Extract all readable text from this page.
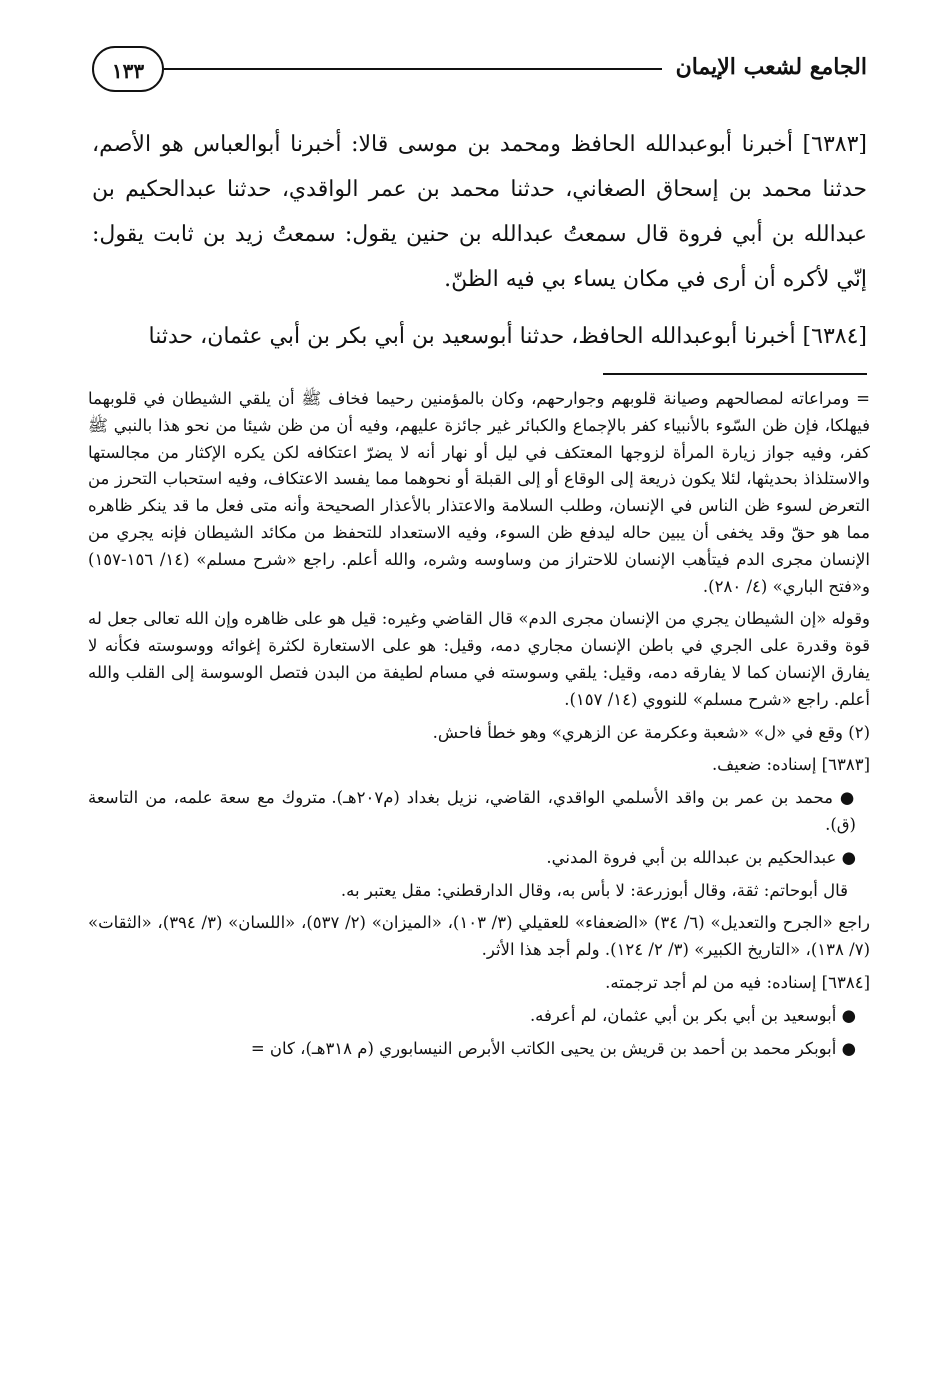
الجامع لشعب الإيمان
١٣٣

[٦٣٨٣] أخبرنا أبوعبدالله الحافظ ومحمد بن موسى قالا: أخبرنا أبوالعباس هو الأصم، حدثنا محمد بن إسحاق الصغاني، حدثنا محمد بن عمر الواقدي، حدثنا عبدالحكيم بن عبدالله بن أبي فروة قال سمعتُ عبدالله بن حنين يقول: سمعتُ زيد بن ثابت يقول: إنّي لأكره أن أرى في مكان يساء بي فيه الظنّ.

[٦٣٨٤] أخبرنا أبوعبدالله الحافظ، حدثنا أبوسعيد بن أبي بكر بن أبي عثمان، حدثنا

= ومراعاته لمصالحهم وصيانة قلوبهم وجوارحهم، وكان بالمؤمنين رحيما فخاف ﷺ أن يلقي الشيطان في قلوبهما فيهلكا، فإن ظن السّوء بالأنبياء كفر بالإجماع والكبائر غير جائزة عليهم، وفيه أن من ظن شيئا من نحو هذا بالنبي ﷺ كفر، وفيه جواز زيارة المرأة لزوجها المعتكف في ليل أو نهار أنه لا يضرّ اعتكافه لكن يكره الإكثار من مجالستها والاستلذاذ بحديثها، لئلا يكون ذريعة إلى الوقاع أو إلى القبلة أو نحوهما مما يفسد الاعتكاف، وفيه استحباب التحرز من التعرض لسوء ظن الناس في الإنسان، وطلب السلامة والاعتذار بالأعذار الصحيحة وأنه متى فعل ما قد ينكر ظاهره مما هو حقّ وقد يخفى أن يبين حاله ليدفع ظن السوء، وفيه الاستعداد للتحفظ من مكائد الشيطان فإنه يجري من الإنسان مجرى الدم فيتأهب الإنسان للاحتراز من وساوسه وشره، والله أعلم. راجع «شرح مسلم» (١٤/ ١٥٦-١٥٧) و«فتح الباري» (٤/ ٢٨٠).

وقوله «إن الشيطان يجري من الإنسان مجرى الدم» قال القاضي وغيره: قيل هو على ظاهره وإن الله تعالى جعل له قوة وقدرة على الجري في باطن الإنسان مجاري دمه، وقيل: هو على الاستعارة لكثرة إغوائه ووسوسته فكأنه لا يفارق الإنسان كما لا يفارقه دمه، وقيل: يلقي وسوسته في مسام لطيفة من البدن فتصل الوسوسة إلى القلب والله أعلم. راجع «شرح مسلم» للنووي (١٤/ ١٥٧).

(٢) وقع في «ل» «شعبة وعكرمة عن الزهري» وهو خطأ فاحش.

[٦٣٨٣] إسناده: ضعيف.

● محمد بن عمر بن واقد الأسلمي الواقدي، القاضي، نزيل بغداد (م٢٠٧هـ). متروك مع سعة علمه، من التاسعة (ق).

● عبدالحكيم بن عبدالله بن أبي فروة المدني.

قال أبوحاتم: ثقة، وقال أبوزرعة: لا بأس به، وقال الدارقطني: مقل يعتبر به.

راجع «الجرح والتعديل» (٦/ ٣٤) «الضعفاء» للعقيلي (٣/ ١٠٣)، «الميزان» (٢/ ٥٣٧)، «اللسان» (٣/ ٣٩٤)، «الثقات» (٧/ ١٣٨)، «التاريخ الكبير» (٣/ ٢/ ١٢٤). ولم أجد هذا الأثر.

[٦٣٨٤] إسناده: فيه من لم أجد ترجمته.

● أبوسعيد بن أبي بكر بن أبي عثمان، لم أعرفه.

● أبوبكر محمد بن أحمد بن قريش بن يحيى الكاتب الأبرص النيسابوري (م ٣١٨هـ)، كان =
